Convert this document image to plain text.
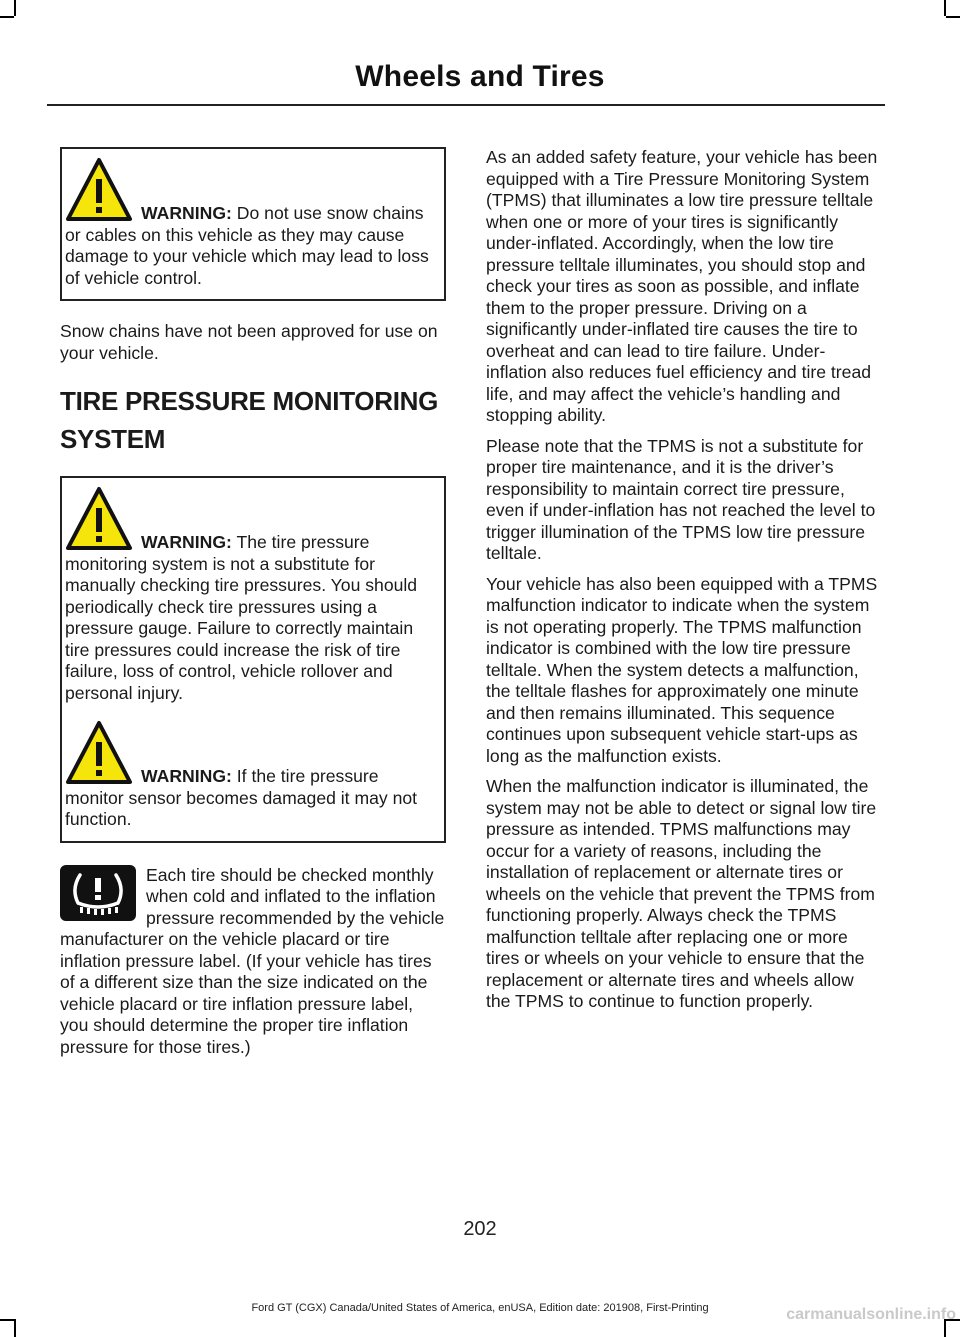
Wheels and Tires

WARNING: Do not use snow chains or cables on this vehicle as they may cause damage to your vehicle which may lead to loss of vehicle control.

Snow chains have not been approved for use on your vehicle.

TIRE PRESSURE MONITORING
SYSTEM

WARNING: The tire pressure monitoring system is not a substitute for manually checking tire pressures. You should periodically check tire pressures using a pressure gauge. Failure to correctly maintain tire pressures could increase the risk of tire failure, loss of control, vehicle rollover and personal injury.

WARNING: If the tire pressure monitor sensor becomes damaged it may not function.

Each tire should be checked monthly when cold and inflated to the inflation pressure recommended by the vehicle manufacturer on the vehicle placard or tire inflation pressure label. (If your vehicle has tires of a different size than the size indicated on the vehicle placard or tire inflation pressure label, you should determine the proper tire inflation pressure for those tires.)

As an added safety feature, your vehicle has been equipped with a Tire Pressure Monitoring System (TPMS) that illuminates a low tire pressure telltale when one or more of your tires is significantly under-inflated. Accordingly, when the low tire pressure telltale illuminates, you should stop and check your tires as soon as possible, and inflate them to the proper pressure. Driving on a significantly under-inflated tire causes the tire to overheat and can lead to tire failure. Under-inflation also reduces fuel efficiency and tire tread life, and may affect the vehicle’s handling and stopping ability.

Please note that the TPMS is not a substitute for proper tire maintenance, and it is the driver’s responsibility to maintain correct tire pressure, even if under-inflation has not reached the level to trigger illumination of the TPMS low tire pressure telltale.

Your vehicle has also been equipped with a TPMS malfunction indicator to indicate when the system is not operating properly. The TPMS malfunction indicator is combined with the low tire pressure telltale. When the system detects a malfunction, the telltale flashes for approximately one minute and then remains illuminated. This sequence continues upon subsequent vehicle start-ups as long as the malfunction exists.

When the malfunction indicator is illuminated, the system may not be able to detect or signal low tire pressure as intended. TPMS malfunctions may occur for a variety of reasons, including the installation of replacement or alternate tires or wheels on the vehicle that prevent the TPMS from functioning properly. Always check the TPMS malfunction telltale after replacing one or more tires or wheels on your vehicle to ensure that the replacement or alternate tires and wheels allow the TPMS to continue to function properly.

202
Ford GT (CGX) Canada/United States of America, enUSA, Edition date: 201908, First-Printing	carmanualsonline.info
